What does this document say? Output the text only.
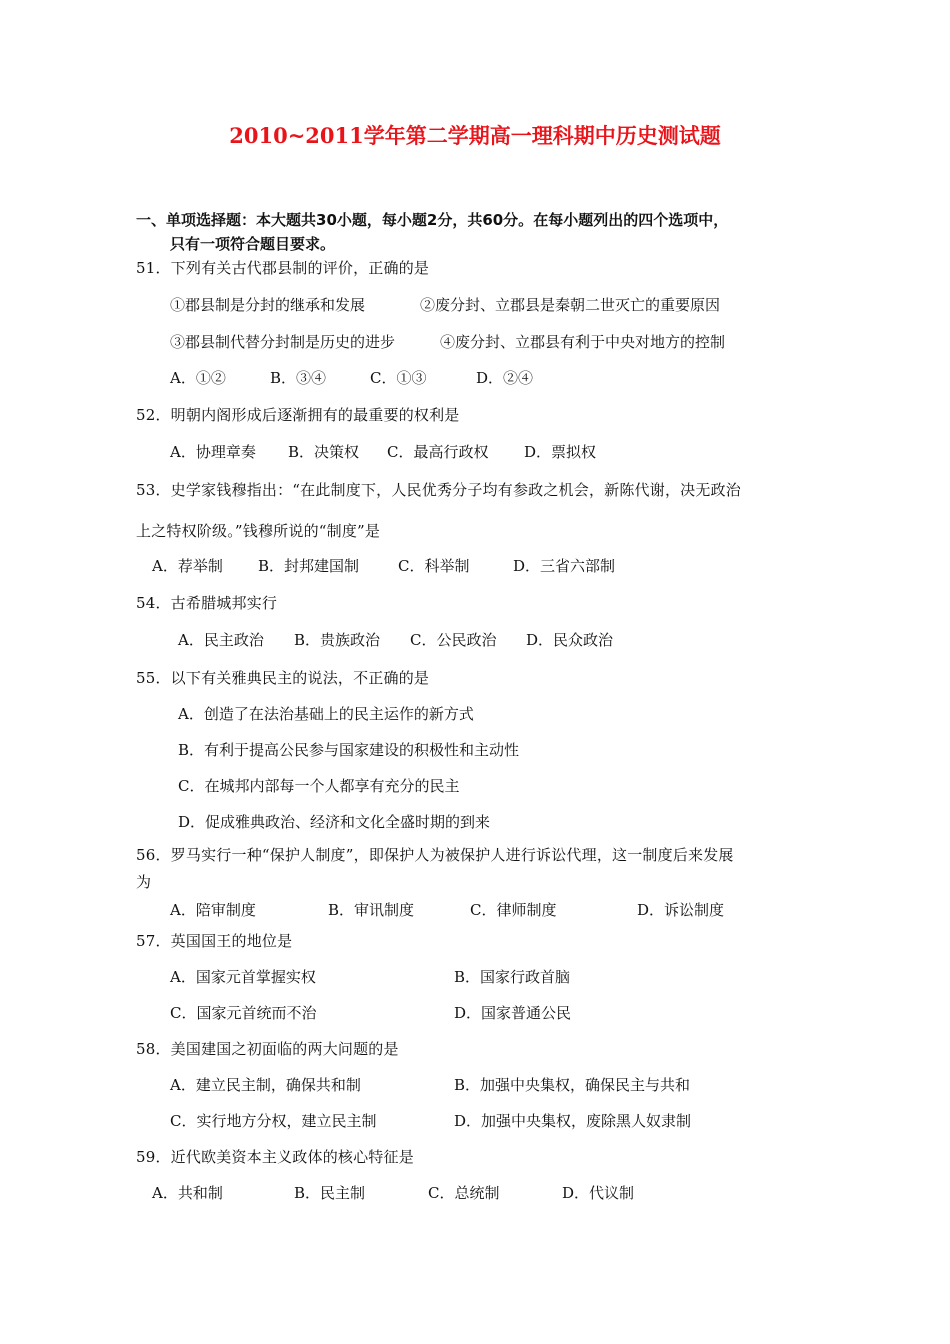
2010~2011学年第二学期高一理科期中历史测试题
一、单项选择题：本大题共30小题，每小题2分，共60分。在每小题列出的四个选项中，
只有一项符合题目要求。
51．下列有关古代郡县制的评价，正确的是
①郡县制是分封的继承和发展	②废分封、立郡县是秦朝二世灭亡的重要原因
③郡县制代替分封制是历史的进步	④废分封、立郡县有利于中央对地方的控制
A．①②	B．③④	C．①③	D．②④
52．明朝内阁形成后逐渐拥有的最重要的权利是
A．协理章奏 B．决策权 C．最高行政权 D．票拟权
53．史学家钱穆指出：“在此制度下，人民优秀分子均有参政之机会，新陈代谢，决无政治
上之特权阶级。”钱穆所说的“制度”是
A．荐举制 B．封邦建国制	C．科举制	D．三省六部制
54．古希腊城邦实行
A．民主政治 B．贵族政治 C．公民政治 D．民众政治
55．以下有关雅典民主的说法，不正确的是
A．创造了在法治基础上的民主运作的新方式
B．有利于提高公民参与国家建设的积极性和主动性
C．在城邦内部每一个人都享有充分的民主
D．促成雅典政治、经济和文化全盛时期的到来
56．罗马实行一种“保护人制度”，即保护人为被保护人进行诉讼代理，这一制度后来发展
为
A．陪审制度	B．审讯制度	C．律师制度	D．诉讼制度
57．英国国王的地位是
A．国家元首掌握实权	B．国家行政首脑
C．国家元首统而不治	D．国家普通公民
58．美国建国之初面临的两大问题的是
A．建立民主制，确保共和制	B．加强中央集权，确保民主与共和
C．实行地方分权，建立民主制	D．加强中央集权，废除黑人奴隶制
59．近代欧美资本主义政体的核心特征是
A．共和制	B．民主制	C．总统制	D．代议制
